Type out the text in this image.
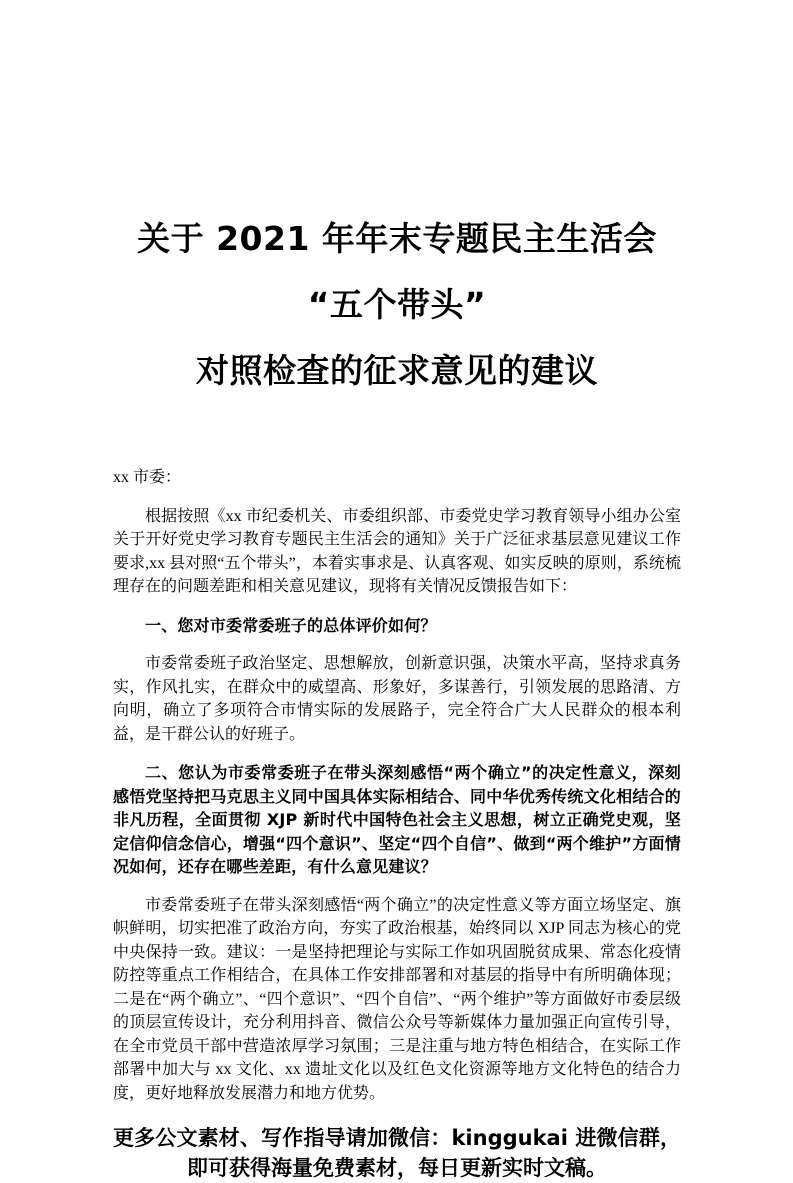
关于 2021 年年末专题民主生活会“五个带头”
对照检查的征求意见的建议

xx 市委：

根据按照《xx 市纪委机关、市委组织部、市委党史学习教育领导小组办公室关于开好党史学习教育专题民主生活会的通知》关于广泛征求基层意见建议工作要求,xx 县对照“五个带头”，本着实事求是、认真客观、如实反映的原则，系统梳理存在的问题差距和相关意见建议，现将有关情况反馈报告如下：

一、您对市委常委班子的总体评价如何？

市委常委班子政治坚定、思想解放，创新意识强，决策水平高，坚持求真务实，作风扎实，在群众中的威望高、形象好，多谋善行，引领发展的思路清、方向明，确立了多项符合市情实际的发展路子，完全符合广大人民群众的根本利益，是干群公认的好班子。

二、您认为市委常委班子在带头深刻感悟“两个确立”的决定性意义，深刻感悟党坚持把马克思主义同中国具体实际相结合、同中华优秀传统文化相结合的非凡历程，全面贯彻 XJP 新时代中国特色社会主义思想，树立正确党史观，坚定信仰信念信心，增强“四个意识”、坚定“四个自信”、做到“两个维护”方面情况如何，还存在哪些差距，有什么意见建议？

市委常委班子在带头深刻感悟“两个确立”的决定性意义等方面立场坚定、旗帜鲜明，切实把准了政治方向，夯实了政治根基，始终同以 XJP 同志为核心的党中央保持一致。建议：一是坚持把理论与实际工作如巩固脱贫成果、常态化疫情防控等重点工作相结合，在具体工作安排部署和对基层的指导中有所明确体现；二是在“两个确立”、“四个意识”、“四个自信”、“两个维护”等方面做好市委层级的顶层宣传设计，充分利用抖音、微信公众号等新媒体力量加强正向宣传引导，在全市党员干部中营造浓厚学习氛围；三是注重与地方特色相结合，在实际工作部署中加大与 xx 文化、xx 遗址文化以及红色文化资源等地方文化特色的结合力度，更好地释放发展潜力和地方优势。

更多公文素材、写作指导请加微信：kinggukai 进微信群，即可获得海量免费素材，每日更新实时文稿。
